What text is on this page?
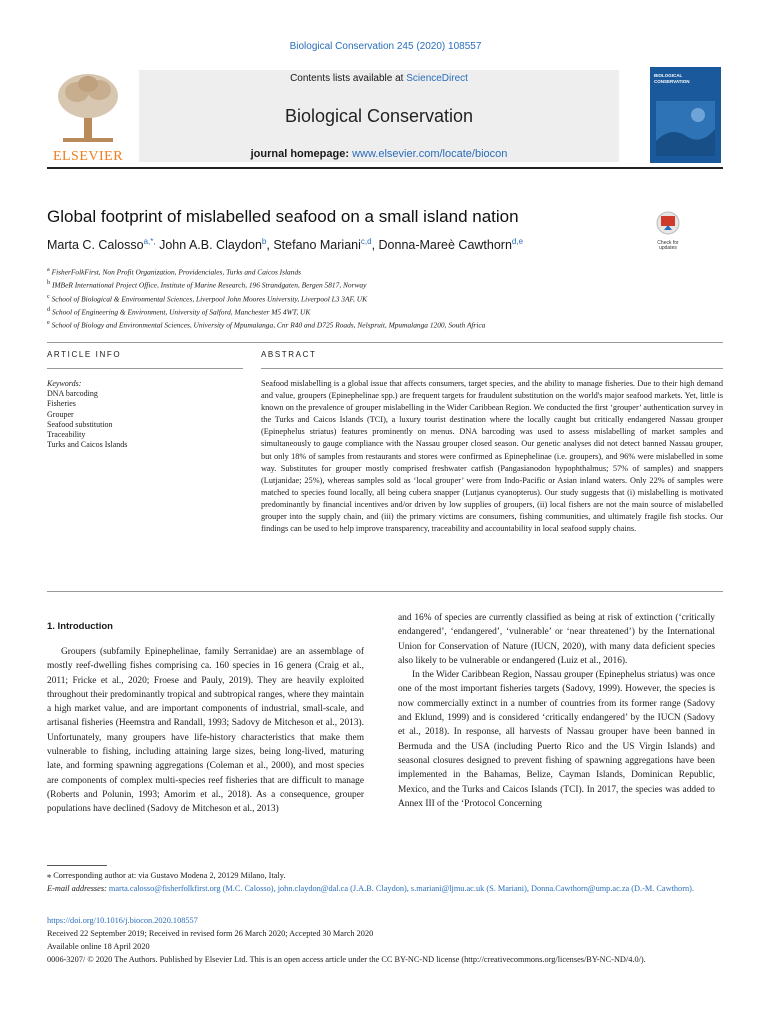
Biological Conservation 245 (2020) 108557
ELSEVIER
Contents lists available at ScienceDirect
Biological Conservation
journal homepage: www.elsevier.com/locate/biocon
BIOLOGICAL CONSERVATION
Global footprint of mislabelled seafood on a small island nation
Check for updates
Marta C. Calosso$^{a,*,}$ John A.B. Claydon$^b$, Stefano Mariani$^{c,d}$, Donna-Mareè Cawthorn$^{d,e}$
$^a$ FisherFolkFirst, Non Profit Organization, Providenciales, Turks and Caicos Islands
$^b$ IMBeR International Project Office, Institute of Marine Research, 196 Strandgaten, Bergen 5817, Norway
$^c$ School of Biological & Environmental Sciences, Liverpool John Moores University, Liverpool L3 3AF, UK
$^d$ School of Engineering & Environment, University of Salford, Manchester M5 4WT, UK
$^e$ School of Biology and Environmental Sciences, University of Mpumalanga, Cnr R40 and D725 Roads, Nelspruit, Mpumalanga 1200, South Africa
ARTICLE INFO	ABSTRACT
Keywords:
DNA barcoding
Fisheries
Grouper
Seafood substitution
Traceability
Turks and Caicos Islands
Seafood mislabelling is a global issue that affects consumers, target species, and the ability to manage fisheries. Due to their high demand and value, groupers (Epinephelinae spp.) are frequent targets for fraudulent substitution on the world's major seafood markets. Yet, little is known on the prevalence of grouper mislabelling in the Wider Caribbean Region. We conducted the first ‘grouper’ authentication survey in the Turks and Caicos Islands (TCI), a luxury tourist destination where the locally caught but critically endangered Nassau grouper (Epinephelus striatus) features prominently on menus. DNA barcoding was used to assess mislabelling of market samples and simultaneously to gauge compliance with the Nassau grouper closed season. Our genetic analyses did not detect banned Nassau grouper, but only 18% of samples from restaurants and stores were confirmed as Epinephelinae (i.e. groupers), and 96% were mislabelled in some way. Substitutes for grouper mostly comprised freshwater catfish (Pangasianodon hypophthalmus; 57% of samples) and snappers (Lutjanidae; 25%), whereas samples sold as ‘local grouper’ were from Indo-Pacific or Asian inland waters. Only 22% of samples were matched to species found locally, all being cubera snapper (Lutjanus cyanopterus). Our study suggests that (i) mislabelling is motivated predominantly by financial incentives and/or driven by low supplies of groupers, (ii) local fishers are not the main source of mislabelled grouper into the supply chain, and (iii) the primary victims are consumers, fishing communities, and ultimately fragile fish stocks. Our findings can be used to help improve transparency, traceability and accountability in local seafood supply chains.
1. Introduction

Groupers (subfamily Epinephelinae, family Serranidae) are an assemblage of mostly reef-dwelling fishes comprising ca. 160 species in 16 genera (Craig et al., 2011; Fricke et al., 2020; Froese and Pauly, 2019). They are heavily exploited throughout their predominantly tropical and subtropical ranges, where they maintain a high market value, and are important components of industrial, small-scale, and artisanal fisheries (Heemstra and Randall, 1993; Sadovy de Mitcheson et al., 2013). Unfortunately, many groupers have life-history characteristics that make them vulnerable to fishing, including attaining large sizes, being long-lived, maturing late, and forming spawning aggregations (Coleman et al., 2000), and most species are components of complex multi-species reef fisheries that are difficult to manage (Roberts and Polunin, 1993; Amorim et al., 2018). As a consequence, grouper populations have declined (Sadovy de Mitcheson et al., 2013)

and 16% of species are currently classified as being at risk of extinction (‘critically endangered’, ‘endangered’, ‘vulnerable’ or ‘near threatened’) by the International Union for Conservation of Nature (IUCN, 2020), with many data deficient species also likely to be vulnerable or endangered (Luiz et al., 2016).

In the Wider Caribbean Region, Nassau grouper (Epinephelus striatus) was once one of the most important fisheries targets (Sadovy, 1999). However, the species is now commercially extinct in a number of countries from its former range (Sadovy and Eklund, 1999) and is considered ‘critically endangered’ by the IUCN (Sadovy et al., 2018). In response, all harvests of Nassau grouper have been banned in Bermuda and the USA (including Puerto Rico and the US Virgin Islands) and seasonal closures designed to prevent fishing of spawning aggregations have been implemented in the Bahamas, Belize, Cayman Islands, Dominican Republic, Mexico, and the Turks and Caicos Islands (TCI). In 2017, the species was added to Annex III of the ‘Protocol Concerning

⁎ Corresponding author at: via Gustavo Modena 2, 20129 Milano, Italy.
E-mail addresses: marta.calosso@fisherfolkfirst.org (M.C. Calosso), john.claydon@dal.ca (J.A.B. Claydon), s.mariani@ljmu.ac.uk (S. Mariani), Donna.Cawthorn@ump.ac.za (D.-M. Cawthorn).
https://doi.org/10.1016/j.biocon.2020.108557
Received 22 September 2019; Received in revised form 26 March 2020; Accepted 30 March 2020
Available online 18 April 2020
0006-3207/ © 2020 The Authors. Published by Elsevier Ltd. This is an open access article under the CC BY-NC-ND license (http://creativecommons.org/licenses/BY-NC-ND/4.0/).
